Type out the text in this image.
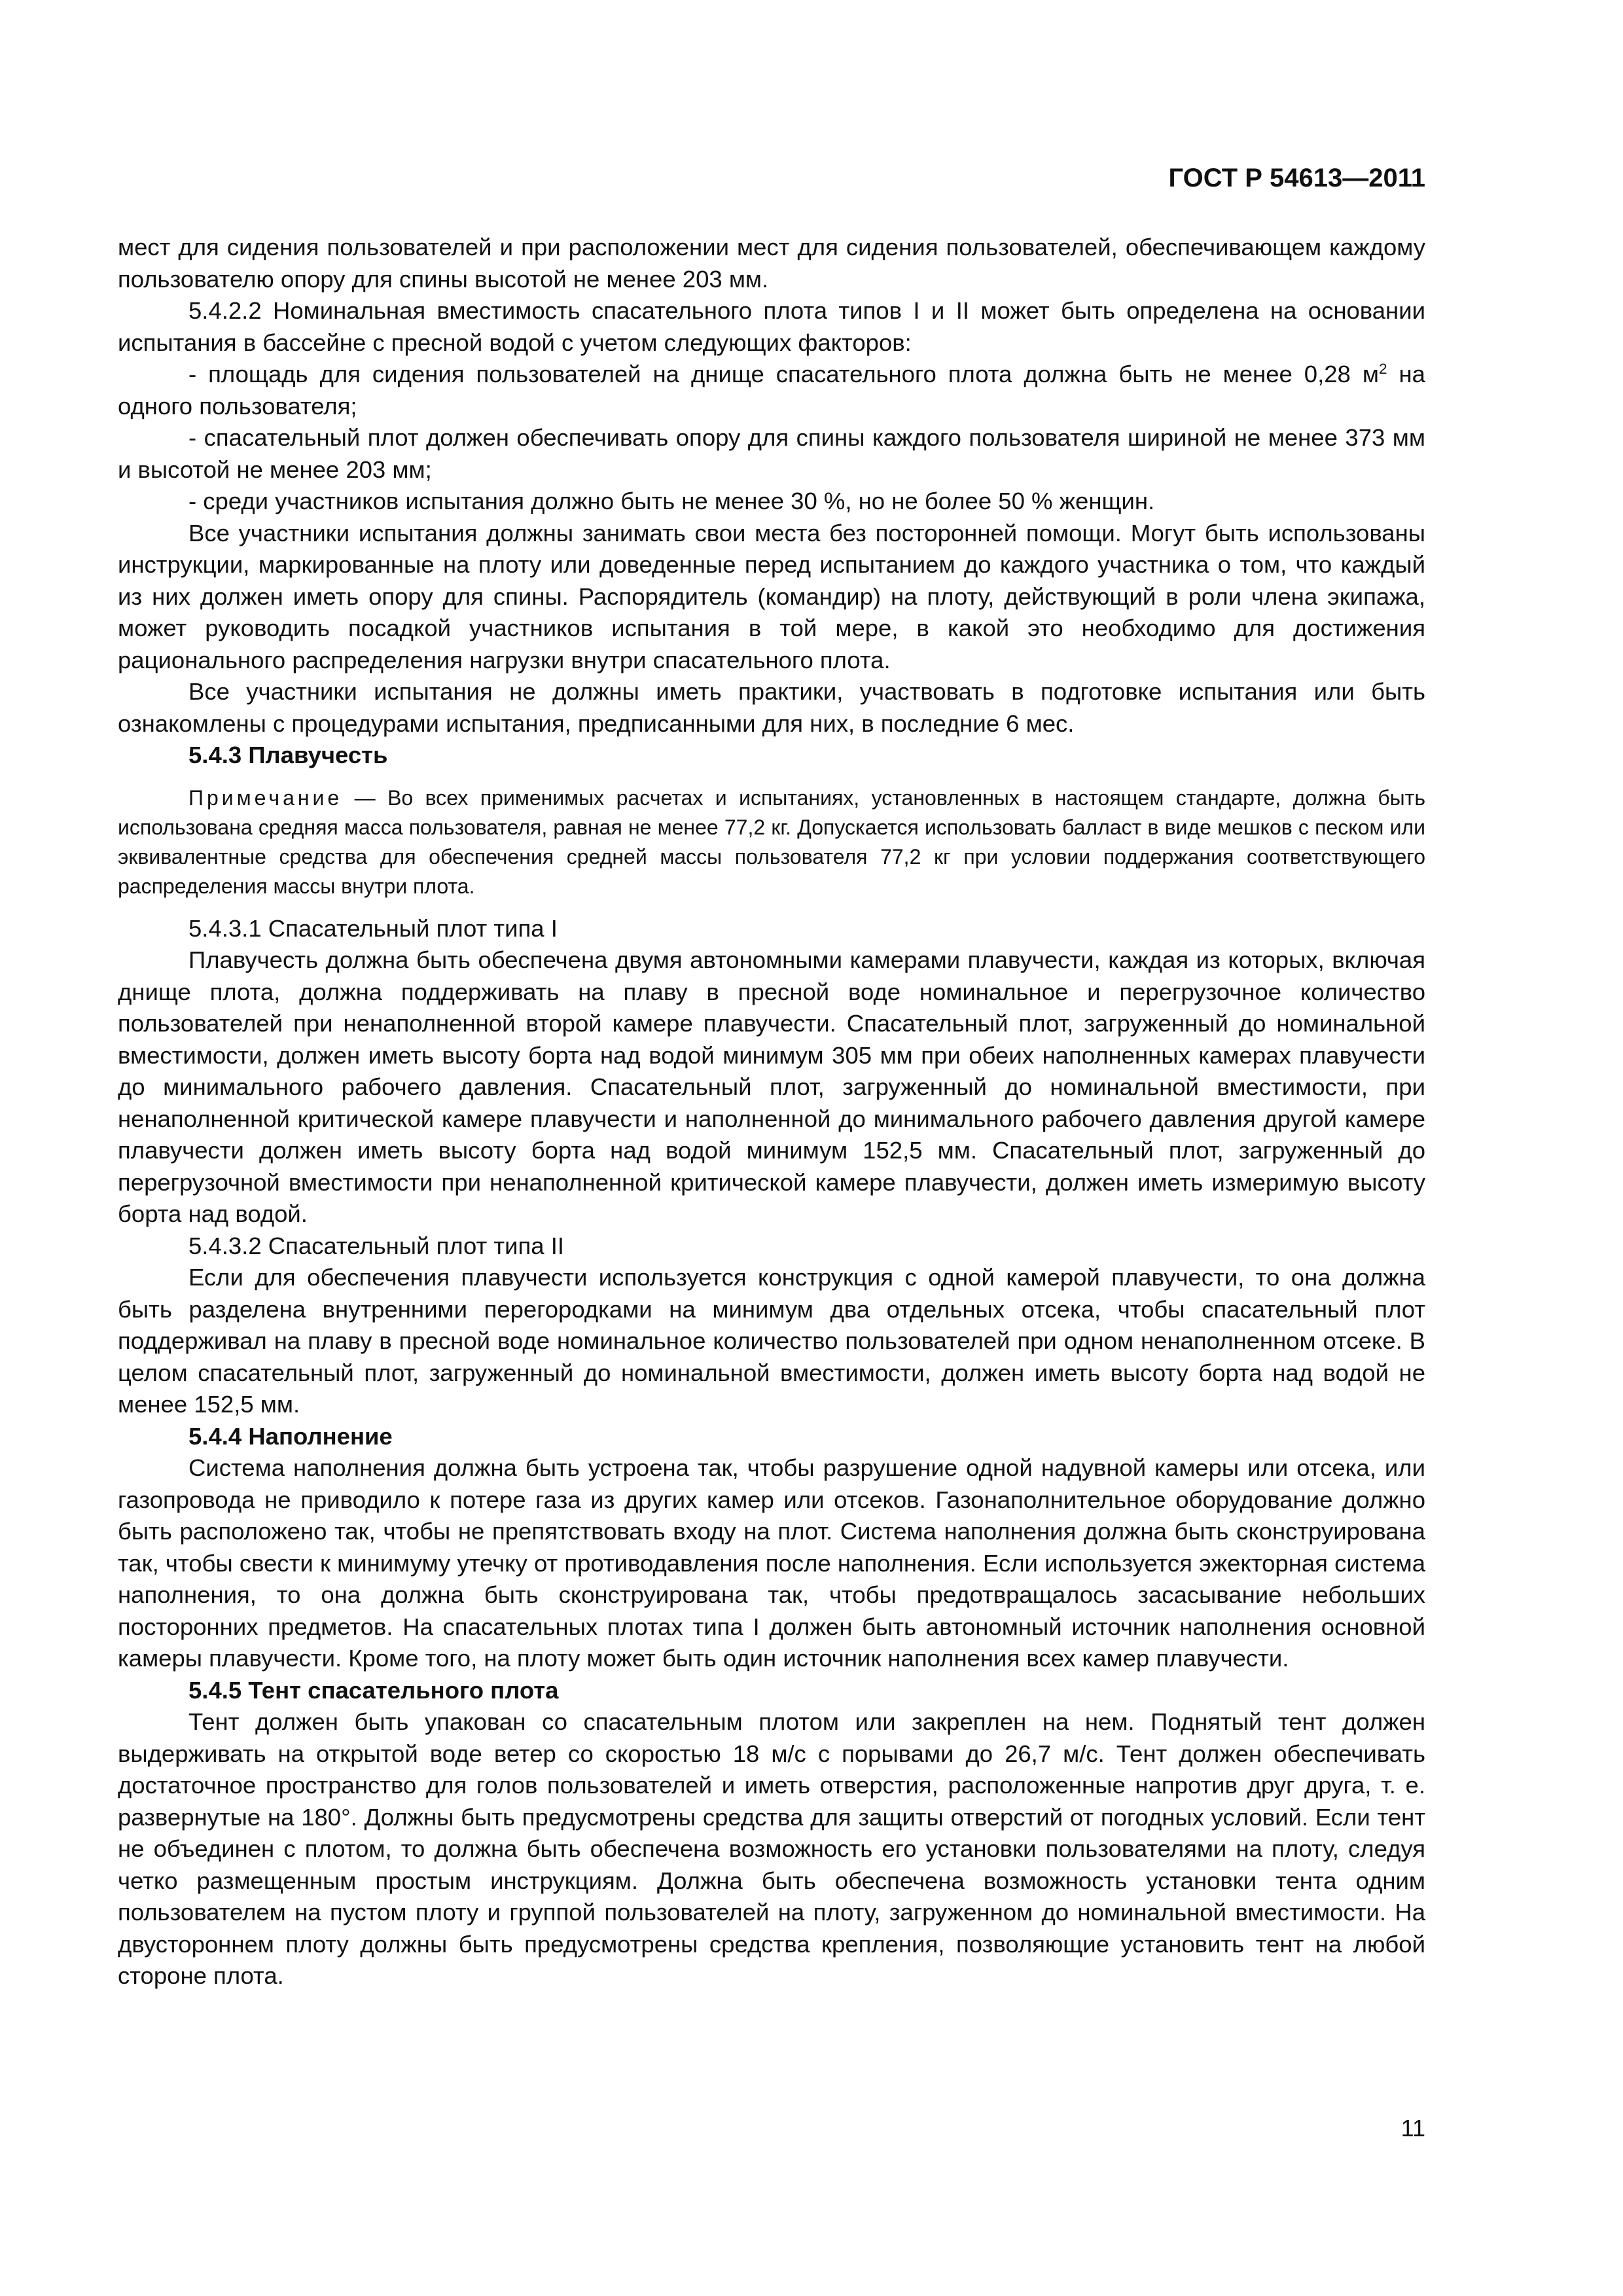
ГОСТ Р 54613—2011

мест для сидения пользователей и при расположении мест для сидения пользователей, обеспечивающем каждому пользователю опору для спины высотой не менее 203 мм.

5.4.2.2 Номинальная вместимость спасательного плота типов I и II может быть определена на основании испытания в бассейне с пресной водой с учетом следующих факторов:

- площадь для сидения пользователей на днище спасательного плота должна быть не менее 0,28 $м^2$ на одного пользователя;

- спасательный плот должен обеспечивать опору для спины каждого пользователя шириной не менее 373 мм и высотой не менее 203 мм;

- среди участников испытания должно быть не менее 30 %, но не более 50 % женщин.

Все участники испытания должны занимать свои места без посторонней помощи. Могут быть использованы инструкции, маркированные на плоту или доведенные перед испытанием до каждого участника о том, что каждый из них должен иметь опору для спины. Распорядитель (командир) на плоту, действующий в роли члена экипажа, может руководить посадкой участников испытания в той мере, в какой это необходимо для достижения рационального распределения нагрузки внутри спасательного плота.

Все участники испытания не должны иметь практики, участвовать в подготовке испытания или быть ознакомлены с процедурами испытания, предписанными для них, в последние 6 мес.

5.4.3 Плавучесть

Примечание — Во всех применимых расчетах и испытаниях, установленных в настоящем стандарте, должна быть использована средняя масса пользователя, равная не менее 77,2 кг. Допускается использовать балласт в виде мешков с песком или эквивалентные средства для обеспечения средней массы пользователя 77,2 кг при условии поддержания соответствующего распределения массы внутри плота.

5.4.3.1 Спасательный плот типа I

Плавучесть должна быть обеспечена двумя автономными камерами плавучести, каждая из которых, включая днище плота, должна поддерживать на плаву в пресной воде номинальное и перегрузочное количество пользователей при ненаполненной второй камере плавучести. Спасательный плот, загруженный до номинальной вместимости, должен иметь высоту борта над водой минимум 305 мм при обеих наполненных камерах плавучести до минимального рабочего давления. Спасательный плот, загруженный до номинальной вместимости, при ненаполненной критической камере плавучести и наполненной до минимального рабочего давления другой камере плавучести должен иметь высоту борта над водой минимум 152,5 мм. Спасательный плот, загруженный до перегрузочной вместимости при ненаполненной критической камере плавучести, должен иметь измеримую высоту борта над водой.

5.4.3.2 Спасательный плот типа II

Если для обеспечения плавучести используется конструкция с одной камерой плавучести, то она должна быть разделена внутренними перегородками на минимум два отдельных отсека, чтобы спасательный плот поддерживал на плаву в пресной воде номинальное количество пользователей при одном ненаполненном отсеке. В целом спасательный плот, загруженный до номинальной вместимости, должен иметь высоту борта над водой не менее 152,5 мм.

5.4.4 Наполнение

Система наполнения должна быть устроена так, чтобы разрушение одной надувной камеры или отсека, или газопровода не приводило к потере газа из других камер или отсеков. Газонаполнительное оборудование должно быть расположено так, чтобы не препятствовать входу на плот. Система наполнения должна быть сконструирована так, чтобы свести к минимуму утечку от противодавления после наполнения. Если используется эжекторная система наполнения, то она должна быть сконструирована так, чтобы предотвращалось засасывание небольших посторонних предметов. На спасательных плотах типа I должен быть автономный источник наполнения основной камеры плавучести. Кроме того, на плоту может быть один источник наполнения всех камер плавучести.

5.4.5 Тент спасательного плота

Тент должен быть упакован со спасательным плотом или закреплен на нем. Поднятый тент должен выдерживать на открытой воде ветер со скоростью 18 м/с с порывами до 26,7 м/с. Тент должен обеспечивать достаточное пространство для голов пользователей и иметь отверстия, расположенные напротив друг друга, т. е. развернутые на 180°. Должны быть предусмотрены средства для защиты отверстий от погодных условий. Если тент не объединен с плотом, то должна быть обеспечена возможность его установки пользователями на плоту, следуя четко размещенным простым инструкциям. Должна быть обеспечена возможность установки тента одним пользователем на пустом плоту и группой пользователей на плоту, загруженном до номинальной вместимости. На двустороннем плоту должны быть предусмотрены средства крепления, позволяющие установить тент на любой стороне плота.

11
